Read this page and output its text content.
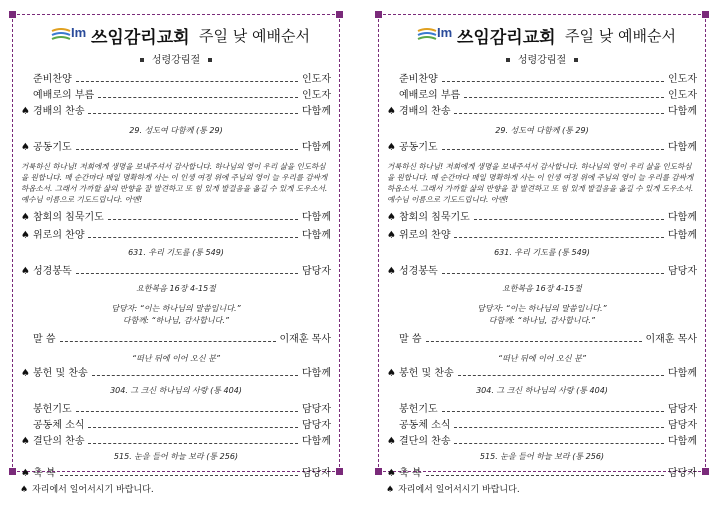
Im 쓰임감리교회 주일 낮 예배순서
성령강림절
준비찬양	인도자
예배로의 부름	인도자
♠ 경배의 찬송	다함께
29. 성도여 다함께 (통 29)
♠ 공동기도	다함께
거룩하신 하나님! 저희에게 생명을 보내주셔서 감사합니다. 하나님의 영이 우리 삶을 인도하심을 원합니다. 매 순간마다 매일 명확하게 사는 이 인생 여정 위에 주님의 영이 늘 우리를 감싸게 하옵소서. 그래서 가까할 삶의 반향을 잘 발견하고 또 힘 있게 발걸음을 옮길 수 있게 도우소서. 예수님 이름으로 기도드립니다. 아멘!
♠ 참회의 침묵기도	다함께
♠ 위로의 찬양	다함께
631. 우리 기도를 (통 549)
♠ 성경봉독	담당자
요한복음 16장 4-15절
담당자: “이는 하나님의 말씀입니다.”
다함께: “하나님, 감사합니다.”
말 씀	이재훈 목사
“떠난 뒤에 이어 오신 분”
♠ 봉헌 및 찬송	다함께
304. 그 크신 하나님의 사랑 (통 404)
봉헌기도	담당자
공동체 소식	담당자
♠ 결단의 찬송	다함께
515. 눈을 들어 하늘 보라 (통 256)
♠ 축 복	담당자
Im 쓰임감리교회 주일 낮 예배순서
성령강림절
준비찬양	인도자
예배로의 부름	인도자
♠ 경배의 찬송	다함께
29. 성도여 다함께 (통 29)
♠ 공동기도	다함께
거룩하신 하나님! 저희에게 생명을 보내주셔서 감사합니다. 하나님의 영이 우리 삶을 인도하심을 원합니다. 매 순간마다 매일 명확하게 사는 이 인생 여정 위에 주님의 영이 늘 우리를 감싸게 하옵소서. 그래서 가까할 삶의 반향을 잘 발견하고 또 힘 있게 발걸음을 옮길 수 있게 도우소서. 예수님 이름으로 기도드립니다. 아멘!
♠ 참회의 침묵기도	다함께
♠ 위로의 찬양	다함께
631. 우리 기도를 (통 549)
♠ 성경봉독	담당자
요한복음 16장 4-15절
담당자: “이는 하나님의 말씀입니다.”
다함께: “하나님, 감사합니다.”
말 씀	이재훈 목사
“떠난 뒤에 이어 오신 분”
♠ 봉헌 및 찬송	다함께
304. 그 크신 하나님의 사랑 (통 404)
봉헌기도	담당자
공동체 소식	담당자
♠ 결단의 찬송	다함께
515. 눈을 들어 하늘 보라 (통 256)
♠ 축 복	담당자
♠ 자리에서 일어서시기 바랍니다.	♠ 자리에서 일어서시기 바랍니다.
